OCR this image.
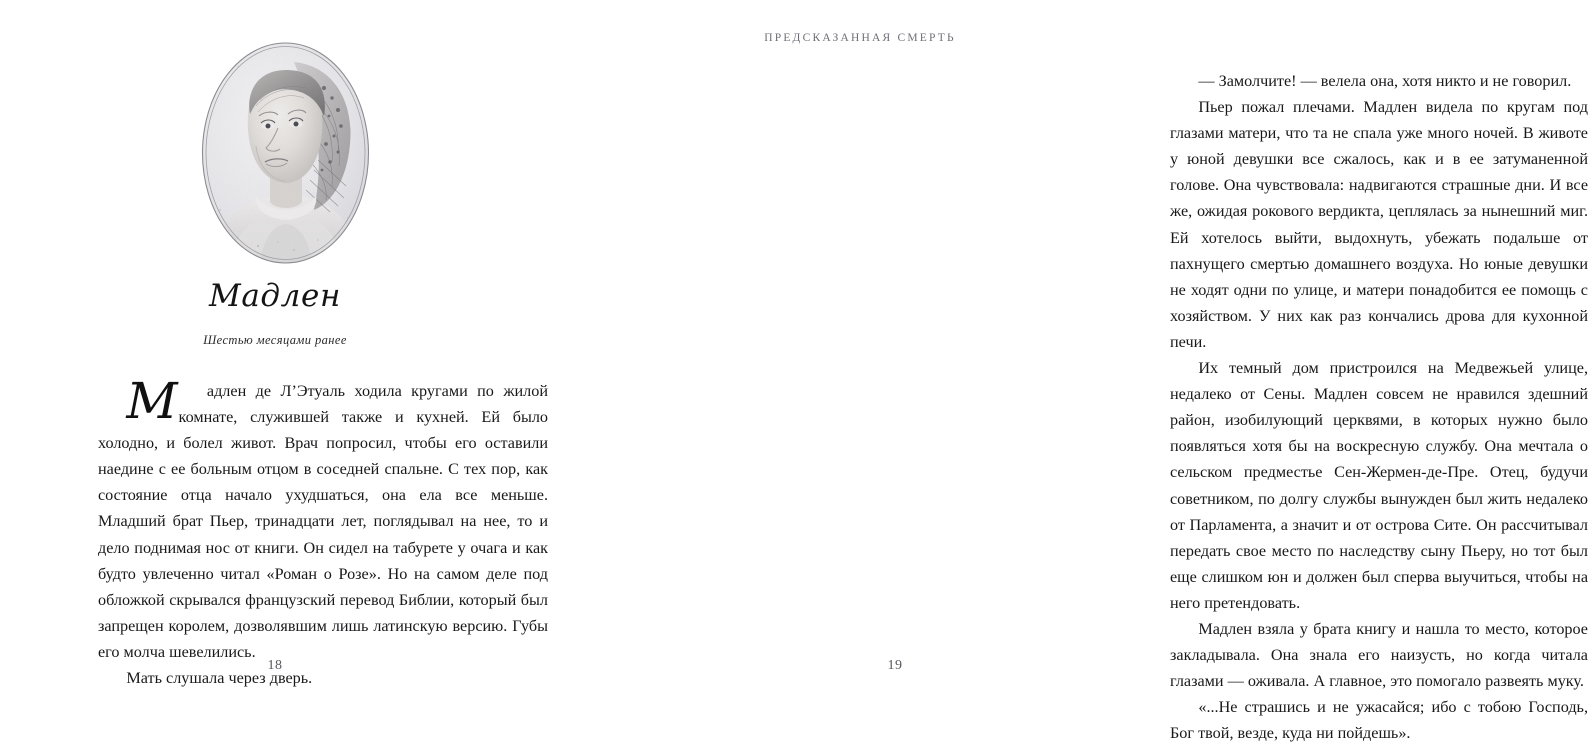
Мадлен
Шестью месяцами ранее

М адлен де Л’Этуаль ходила кругами по жилой комнате, служившей также и кухней. Ей было холодно, и болел живот. Врач попросил, чтобы его оставили наедине с ее больным отцом в соседней спальне. С тех пор, как состояние отца начало ухудшаться, она ела все меньше. Младший брат Пьер, тринадцати лет, поглядывал на нее, то и дело поднимая нос от книги. Он сидел на табурете у очага и как будто увлеченно читал «Роман о Розе». Но на самом деле под обложкой скрывался французский перевод Библии, который был запрещен королем, дозволявшим лишь латинскую версию. Губы его молча шевелились.

Мать слушала через дверь.

18
ПРЕДСКАЗАННАЯ СМЕРТЬ

— Замолчите! — велела она, хотя никто и не говорил.

Пьер пожал плечами. Мадлен видела по кругам под глазами матери, что та не спала уже много ночей. В животе у юной девушки все сжалось, как и в ее затуманенной голове. Она чувствовала: надвигаются страшные дни. И все же, ожидая рокового вердикта, цеплялась за нынешний миг. Ей хотелось выйти, выдохнуть, убежать подальше от пахнущего смертью домашнего воздуха. Но юные девушки не ходят одни по улице, и матери понадобится ее помощь с хозяйством. У них как раз кончались дрова для кухонной печи.

Их темный дом пристроился на Медвежьей улице, недалеко от Сены. Мадлен совсем не нравился здешний район, изобилующий церквями, в которых нужно было появляться хотя бы на воскресную службу. Она мечтала о сельском предместье Сен-Жермен-де-Пре. Отец, будучи советником, по долгу службы вынужден был жить недалеко от Парламента, а значит и от острова Сите. Он рассчитывал передать свое место по наследству сыну Пьеру, но тот был еще слишком юн и должен был сперва выучиться, чтобы на него претендовать.

Мадлен взяла у брата книгу и нашла то место, которое закладывала. Она знала его наизусть, но когда читала глазами — оживала. А главное, это помогало развеять муку.

«...Не страшись и не ужасайся; ибо с тобою Господь, Бог твой, везде, куда ни пойдешь».

19
